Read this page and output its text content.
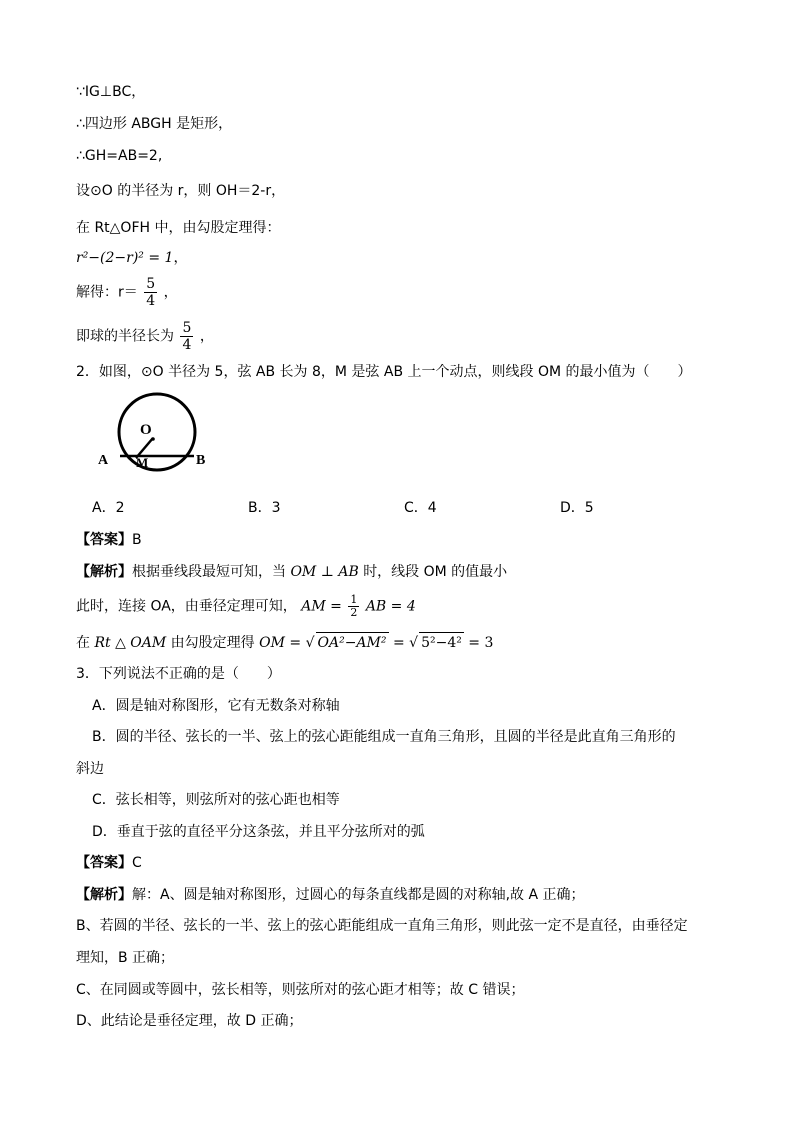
∵IG⊥BC，
∴四边形 ABGH 是矩形，
∴GH=AB=2,
设⊙O 的半径为 r，则 OH＝2-r，
在 Rt△OFH 中，由勾股定理得：
r²−(2−r)² = 1，
解得：$r= \frac{5}{4}$ ，
即球的半径长为 $\frac{5}{4}$ ，
2．如图，⊙O 半径为 5，弦 AB 长为 8，M 是弦 AB 上一个动点，则线段 OM 的最小值为（　　）
O
A	B
M
A．2	B．3	C．4	D．5
【答案】B
【解析】根据垂线段最短可知，当 OM ⊥ AB 时，线段 OM 的值最小
此时，连接 OA，由垂径定理可知， AM = $\frac{1}{2}$ AB = 4
在 Rt △ OAM 由勾股定理得 OM = √ OA²−AM² = √ 5²−4² = 3
3．下列说法不正确的是（　　）
A．圆是轴对称图形，它有无数条对称轴
B．圆的半径、弦长的一半、弦上的弦心距能组成一直角三角形，且圆的半径是此直角三角形的
斜边
C．弦长相等，则弦所对的弦心距也相等
D．垂直于弦的直径平分这条弦，并且平分弦所对的弧
【答案】C
【解析】解：A、圆是轴对称图形，过圆心的每条直线都是圆的对称轴,故 A 正确；
B、若圆的半径、弦长的一半、弦上的弦心距能组成一直角三角形，则此弦一定不是直径，由垂径定
理知，B 正确；
C、在同圆或等圆中，弦长相等，则弦所对的弦心距才相等；故 C 错误；
D、此结论是垂径定理，故 D 正确；
